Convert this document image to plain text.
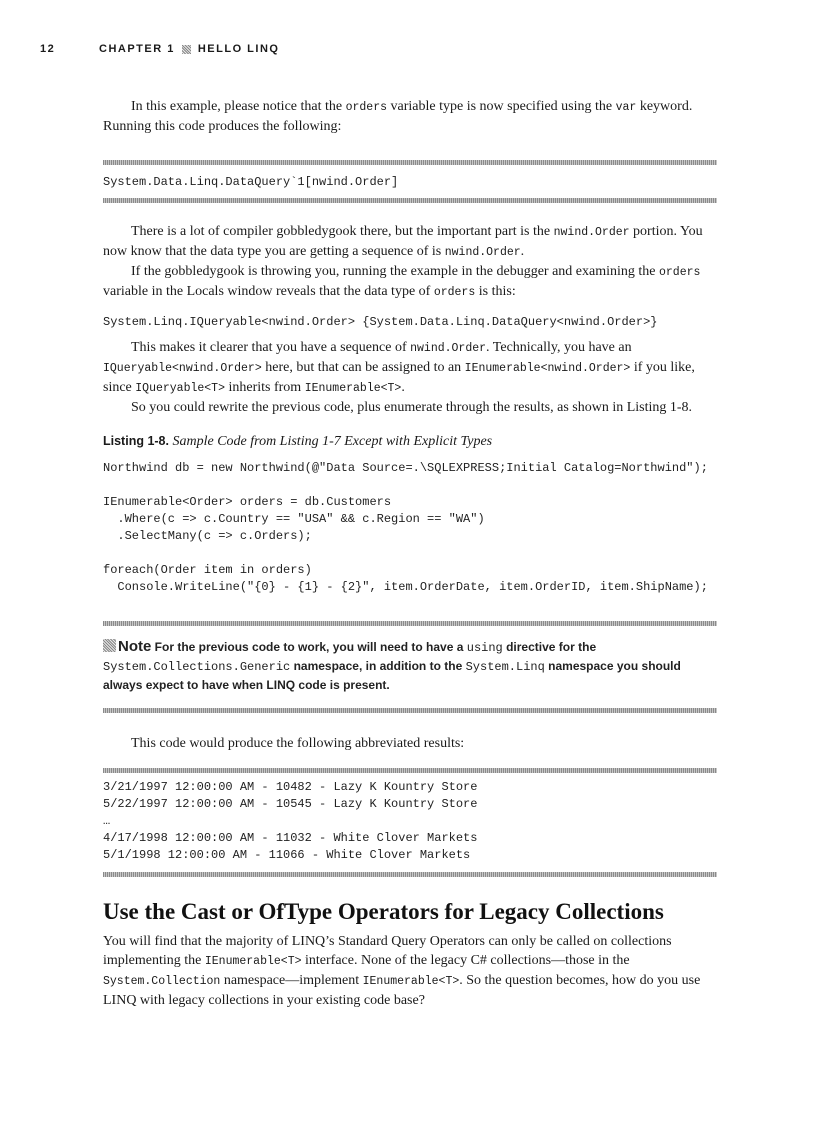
12	CHAPTER 1 HELLO LINQ

In this example, please notice that the orders variable type is now specified using the var keyword. Running this code produces the following:

System.Data.Linq.DataQuery`1[nwind.Order]

There is a lot of compiler gobbledygook there, but the important part is the nwind.Order portion. You now know that the data type you are getting a sequence of is nwind.Order.

If the gobbledygook is throwing you, running the example in the debugger and examining the orders variable in the Locals window reveals that the data type of orders is this:

System.Linq.IQueryable<nwind.Order> {System.Data.Linq.DataQuery<nwind.Order>}

This makes it clearer that you have a sequence of nwind.Order. Technically, you have an IQueryable<nwind.Order> here, but that can be assigned to an IEnumerable<nwind.Order> if you like, since IQueryable<T> inherits from IEnumerable<T>.

So you could rewrite the previous code, plus enumerate through the results, as shown in Listing 1-8.

Listing 1-8. Sample Code from Listing 1-7 Except with Explicit Types
Northwind db = new Northwind(@"Data Source=.\SQLEXPRESS;Initial Catalog=Northwind");

IEnumerable<Order> orders = db.Customers
.Where(c => c.Country == "USA" && c.Region == "WA")
.SelectMany(c => c.Orders);

foreach(Order item in orders)
Console.WriteLine("{0} - {1} - {2}", item.OrderDate, item.OrderID, item.ShipName);
Note For the previous code to work, you will need to have a using directive for the System.Collections.Generic namespace, in addition to the System.Linq namespace you should always expect to have when LINQ code is present.

This code would produce the following abbreviated results:

3/21/1997 12:00:00 AM - 10482 - Lazy K Kountry Store
5/22/1997 12:00:00 AM - 10545 - Lazy K Kountry Store
…
4/17/1998 12:00:00 AM - 11032 - White Clover Markets
5/1/1998 12:00:00 AM - 11066 - White Clover Markets
Use the Cast or OfType Operators for Legacy Collections

You will find that the majority of LINQ’s Standard Query Operators can only be called on collections implementing the IEnumerable<T> interface. None of the legacy C# collections—those in the System.Collection namespace—implement IEnumerable<T>. So the question becomes, how do you use LINQ with legacy collections in your existing code base?
